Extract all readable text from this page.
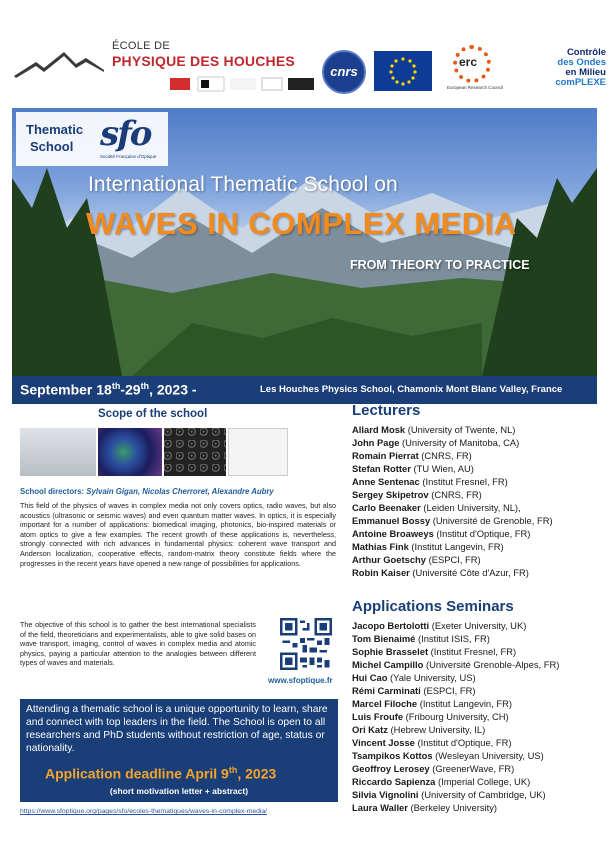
ÉCOLE DE
PHYSIQUE DES HOUCHES
cnrs
erc
European Research Council
Contrôle
des Ondes
en Milieu
comPLEXE
Thematic
School sfo
Société Française d'Optique
International Thematic School on
WAVES IN COMPLEX MEDIA
FROM THEORY TO PRACTICE
September 18th-29th, 2023 -	Les Houches Physics School, Chamonix Mont Blanc Valley, France
Scope of the school
School directors: Sylvain Gigan, Nicolas Cherroret, Alexandre Aubry
This field of the physics of waves in complex media not only covers optics, radio waves, but also acoustics (ultrasonic or seismic waves) and even quantum matter waves. In optics, it is especially important for a number of applications: biomedical imaging, photonics, bio-inspired materials or atom optics to give a few examples. The recent growth of these applications is, nevertheless, strongly connected with rich advances in fundamental physics: coherent wave transport and Anderson localization, cooperative effects, random-matrix theory constitute fields where the progresses in the recent years have opened a new range of possibilities for applications.
The objective of this school is to gather the best international specialists of the field, theoreticians and experimentalists, able to give solid bases on wave transport, imaging, control of waves in complex media and atomic physics, paying a particular attention to the analogies between different types of waves and materials.
www.sfoptique.fr
Attending a thematic school is a unique opportunity to learn, share and connect with top leaders in the field. The School is open to all researchers and PhD students without restriction of age, status or nationality.
Application deadline April 9th, 2023
(short motivation letter + abstract)
https://www.sfoptique.org/pages/sfo/ecoles-thematiques/waves-in-complex-media/
Lecturers
Allard Mosk (University of Twente, NL)
John Page (University of Manitoba, CA)
Romain Pierrat (CNRS, FR)
Stefan Rotter (TU Wien, AU)
Anne Sentenac (Institut Fresnel, FR)
Sergey Skipetrov (CNRS, FR)
Carlo Beenaker (Leiden University, NL),
Emmanuel Bossy (Université de Grenoble, FR)
Antoine Broaweys (Institut d'Optique, FR)
Mathias Fink (Institut Langevin, FR)
Arthur Goetschy (ESPCI, FR)
Robin Kaiser (Université Côte d'Azur, FR)
Applications Seminars
Jacopo Bertolotti (Exeter University, UK)
Tom Bienaimé (Institut ISIS, FR)
Sophie Brasselet (Institut Fresnel, FR)
Michel Campillo (Université Grenoble-Alpes, FR)
Hui Cao (Yale University, US)
Rémi Carminati (ESPCI, FR)
Marcel Filoche (Institut Langevin, FR)
Luis Froufe (Fribourg University, CH)
Ori Katz (Hebrew University, IL)
Vincent Josse (Institut d'Optique, FR)
Tsampikos Kottos (Wesleyan University, US)
Geoffroy Lerosey (GreenerWave, FR)
Riccardo Sapienza (Imperial College, UK)
Silvia Vignolini (University of Cambridge, UK)
Laura Waller (Berkeley University)
